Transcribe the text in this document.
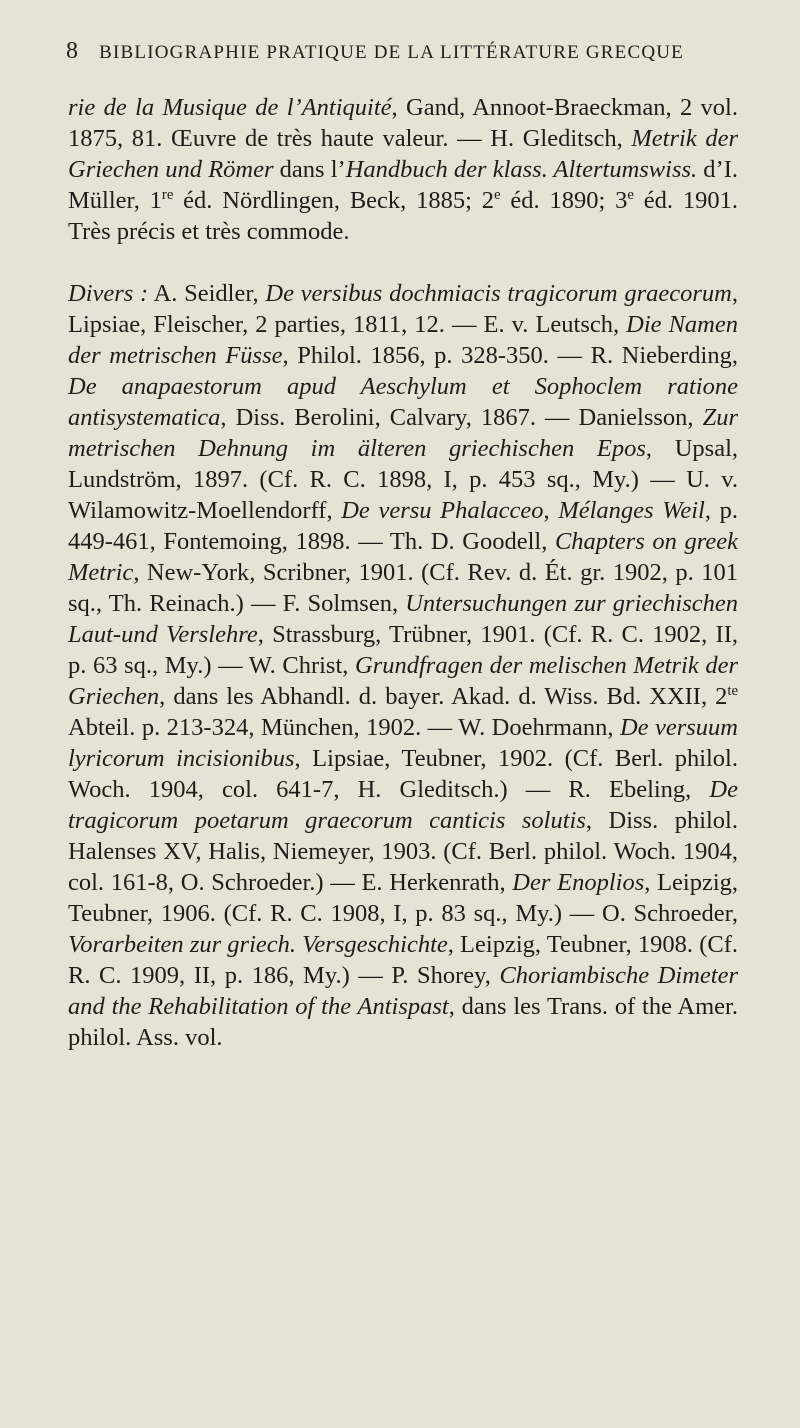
8 BIBLIOGRAPHIE PRATIQUE DE LA LITTÉRATURE GRECQUE

rie de la Musique de l’Antiquité, Gand, Annoot-Braeckman, 2 vol. 1875, 81. Œuvre de très haute valeur. — H. Gleditsch, Metrik der Griechen und Römer dans l’Handbuch der klass. Altertumswiss. d’I. Müller, 1re éd. Nördlingen, Beck, 1885; 2e éd. 1890; 3e éd. 1901. Très précis et très commode.

Divers : A. Seidler, De versibus dochmiacis tragicorum graecorum, Lipsiae, Fleischer, 2 parties, 1811, 12. — E. v. Leutsch, Die Namen der metrischen Füsse, Philol. 1856, p. 328-350. — R. Nieberding, De anapaestorum apud Aeschylum et Sophoclem ratione antisystematica, Diss. Berolini, Calvary, 1867. — Danielsson, Zur metrischen Dehnung im älteren griechischen Epos, Upsal, Lundström, 1897. (Cf. R. C. 1898, I, p. 453 sq., My.) — U. v. Wilamowitz-Moellendorff, De versu Phalacceo, Mélanges Weil, p. 449-461, Fontemoing, 1898. — Th. D. Goodell, Chapters on greek Metric, New-York, Scribner, 1901. (Cf. Rev. d. Ét. gr. 1902, p. 101 sq., Th. Reinach.) — F. Solmsen, Untersuchungen zur griechischen Laut-und Verslehre, Strassburg, Trübner, 1901. (Cf. R. C. 1902, II, p. 63 sq., My.) — W. Christ, Grundfragen der melischen Metrik der Griechen, dans les Abhandl. d. bayer. Akad. d. Wiss. Bd. XXII, $2^{te}$ Abteil. p. 213-324, München, 1902. — W. Doehrmann, De versuum lyricorum incisionibus, Lipsiae, Teubner, 1902. (Cf. Berl. philol. Woch. 1904, col. 641-7, H. Gleditsch.) — R. Ebeling, De tragicorum poetarum graecorum canticis solutis, Diss. philol. Halenses XV, Halis, Niemeyer, 1903. (Cf. Berl. philol. Woch. 1904, col. 161-8, O. Schroeder.) — E. Herkenrath, Der Enoplios, Leipzig, Teubner, 1906. (Cf. R. C. 1908, I, p. 83 sq., My.) — O. Schroeder, Vorarbeiten zur griech. Versgeschichte, Leipzig, Teubner, 1908. (Cf. R. C. 1909, II, p. 186, My.) — P. Shorey, Choriambische Dimeter and the Rehabilitation of the Antispast, dans les Trans. of the Amer. philol. Ass. vol.
